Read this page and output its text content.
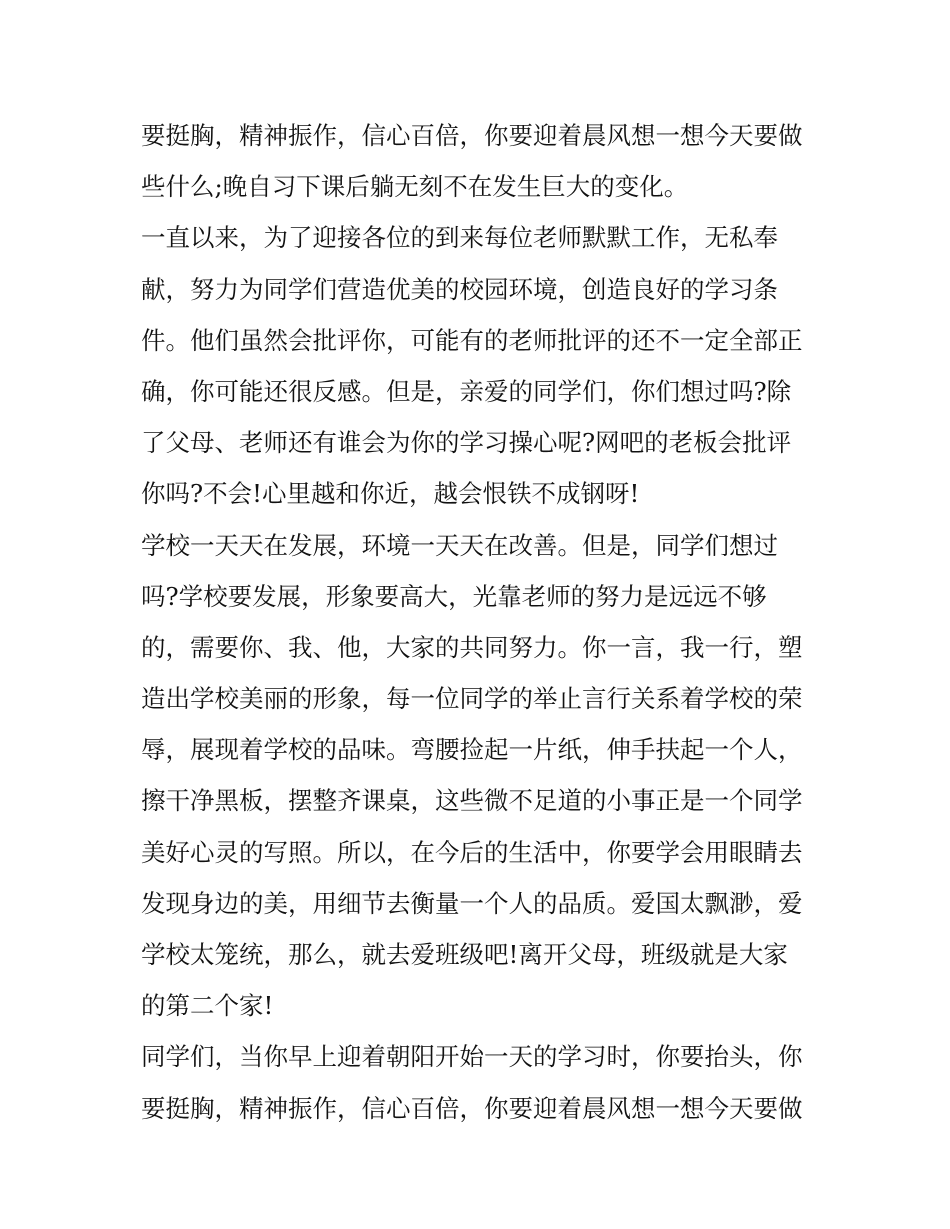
要挺胸，精神振作，信心百倍，你要迎着晨风想一想今天要做

些什么;晚自习下课后躺无刻不在发生巨大的变化。

一直以来，为了迎接各位的到来每位老师默默工作，无私奉

献，努力为同学们营造优美的校园环境，创造良好的学习条

件。他们虽然会批评你，可能有的老师批评的还不一定全部正

确，你可能还很反感。但是，亲爱的同学们，你们想过吗?除

了父母、老师还有谁会为你的学习操心呢?网吧的老板会批评

你吗?不会!心里越和你近，越会恨铁不成钢呀!

学校一天天在发展，环境一天天在改善。但是，同学们想过

吗?学校要发展，形象要高大，光靠老师的努力是远远不够

的，需要你、我、他，大家的共同努力。你一言，我一行，塑

造出学校美丽的形象，每一位同学的举止言行关系着学校的荣

辱，展现着学校的品味。弯腰捡起一片纸，伸手扶起一个人，

擦干净黑板，摆整齐课桌，这些微不足道的小事正是一个同学

美好心灵的写照。所以，在今后的生活中，你要学会用眼睛去

发现身边的美，用细节去衡量一个人的品质。爱国太飘渺，爱

学校太笼统，那么，就去爱班级吧!离开父母，班级就是大家

的第二个家!

同学们，当你早上迎着朝阳开始一天的学习时，你要抬头，你

要挺胸，精神振作，信心百倍，你要迎着晨风想一想今天要做
